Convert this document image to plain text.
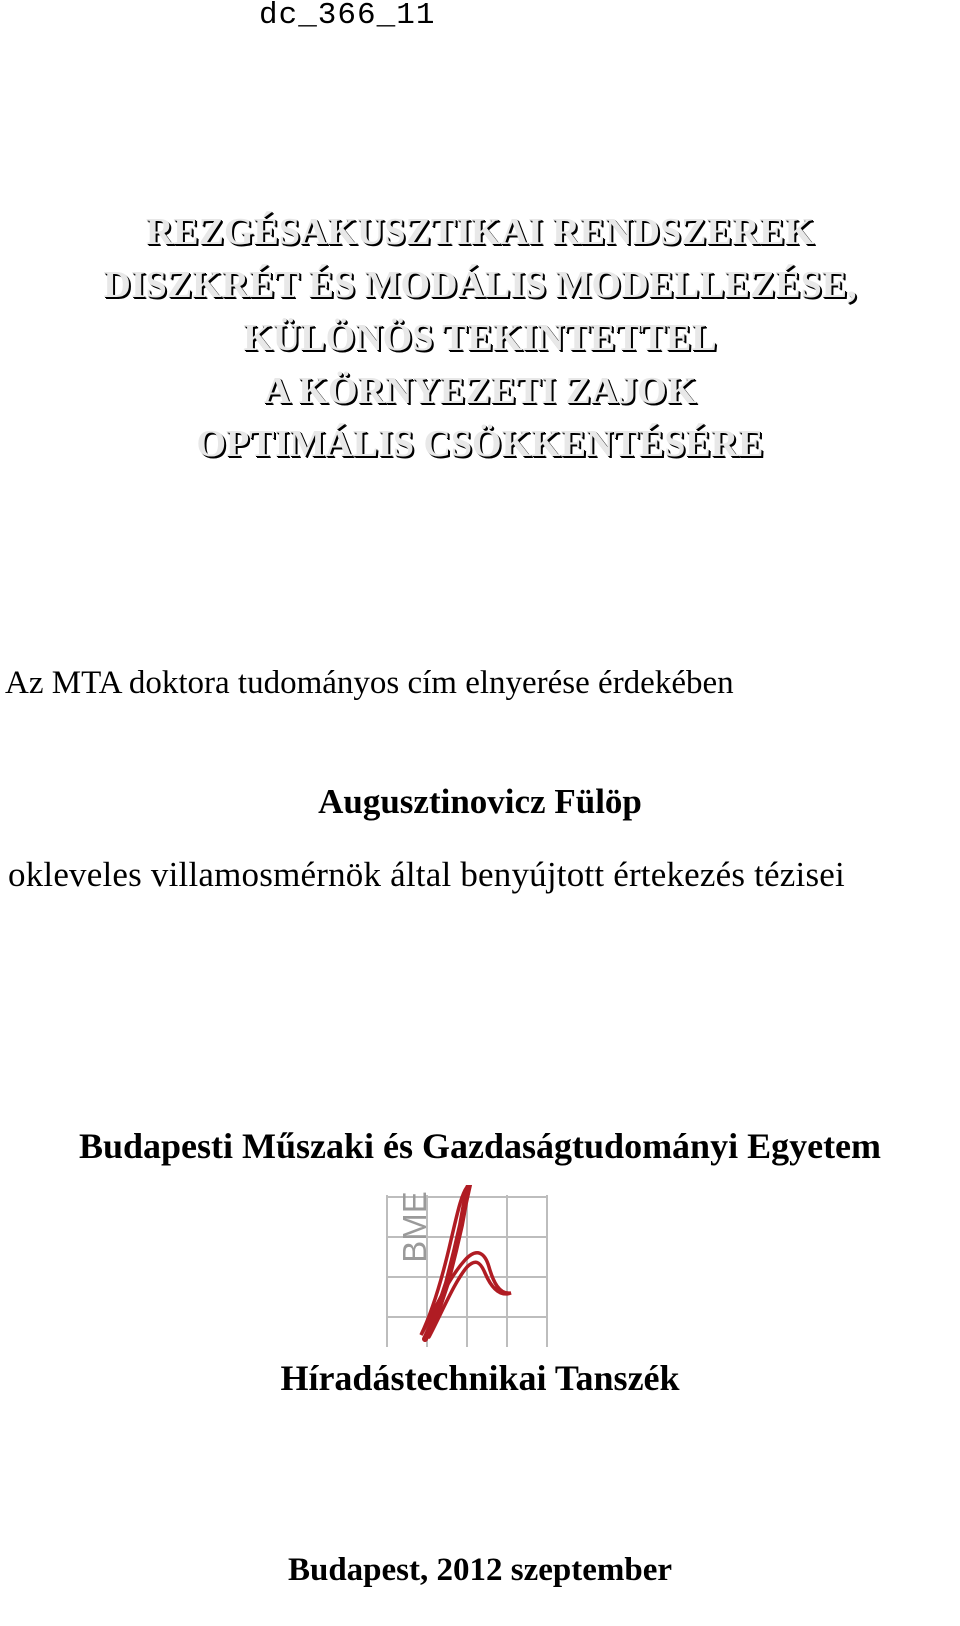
dc_366_11
REZGÉSAKUSZTIKAI RENDSZEREK
DISZKRÉT ÉS MODÁLIS MODELLEZÉSE,
KÜLÖNÖS TEKINTETTEL
A KÖRNYEZETI ZAJOK
OPTIMÁLIS CSÖKKENTÉSÉRE
Az MTA doktora tudományos cím elnyerése érdekében
Augusztinovicz Fülöp
okleveles villamosmérnök által benyújtott értekezés tézisei
Budapesti Műszaki és Gazdaságtudományi Egyetem
BME
Híradástechnikai Tanszék
Budapest, 2012 szeptember
